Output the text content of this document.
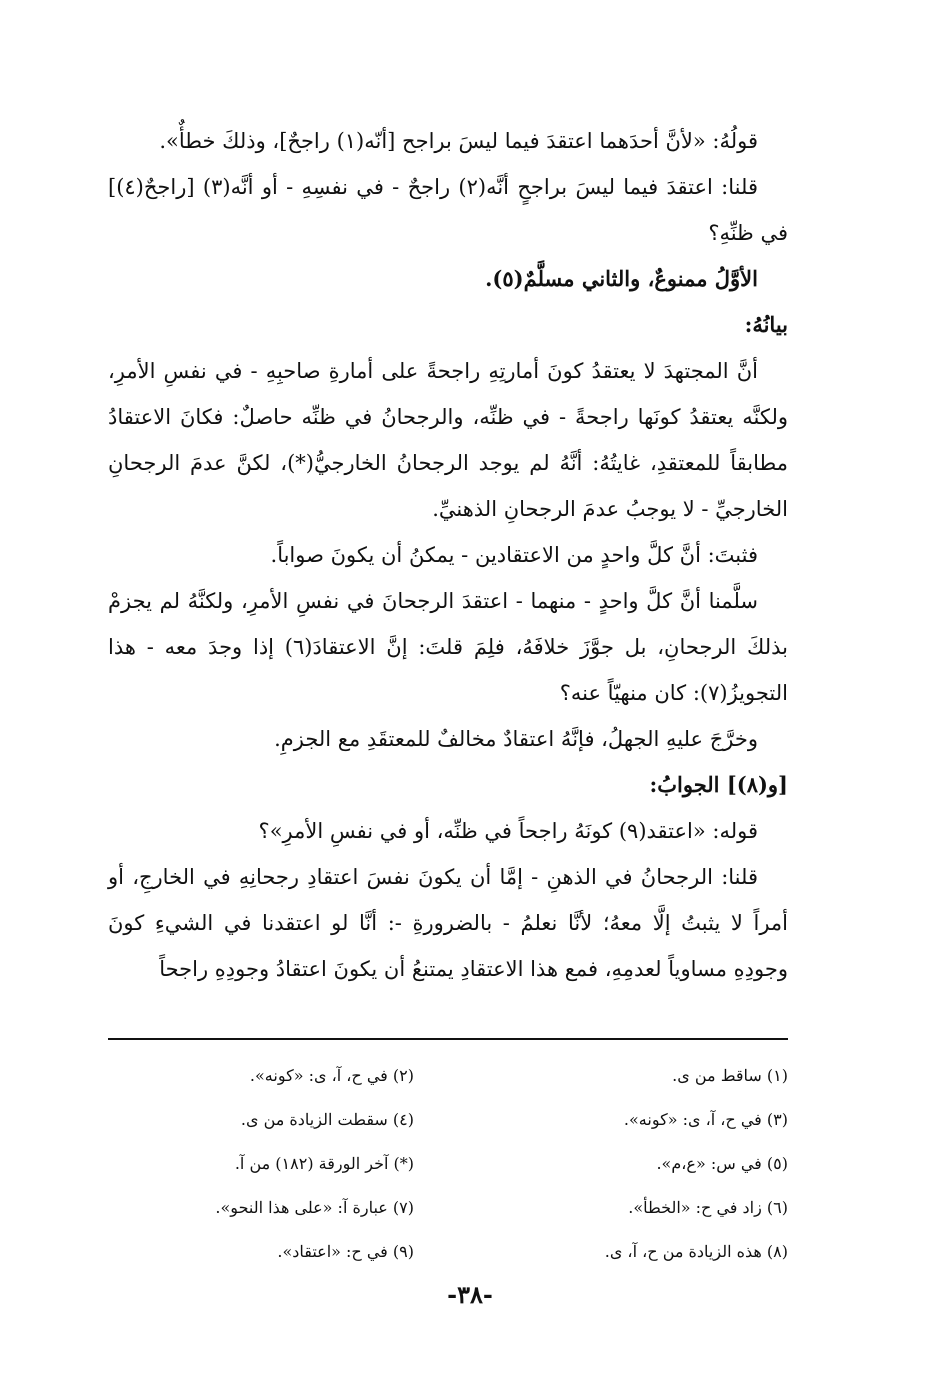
قولُهُ: «لأنَّ أحدَهما اعتقدَ فيما ليسَ براجح [أنّه(١) راجحٌ]، وذلكَ خطأٌ».

قلنا: اعتقدَ فيما ليسَ براجحٍ أنَّه(٢) راجحٌ - في نفسِهِ - أو أنَّه(٣) [راجحٌ(٤)] في ظنِّهِ؟

الأوَّلُ ممنوعٌ، والثاني مسلَّمٌ(٥).

بيانُهُ:

أنَّ المجتهدَ لا يعتقدُ كونَ أمارتِهِ راجحةً على أمارةِ صاحبِهِ - في نفسِ الأمرِ، ولكنَّه يعتقدُ كونَها راجحةً - في ظنِّه، والرجحانُ في ظنِّه حاصلٌ: فكانَ الاعتقادُ مطابقاً للمعتقدِ، غايتُهُ: أنَّهُ لم يوجد الرجحانُ الخارجيُّ(*)، لكنَّ عدمَ الرجحانِ الخارجيِّ - لا يوجبُ عدمَ الرجحانِ الذهنيِّ.

فثبتَ: أنَّ كلَّ واحدٍ من الاعتقادين - يمكنُ أن يكونَ صواباً.

سلَّمنا أنَّ كلَّ واحدٍ - منهما - اعتقدَ الرجحانَ في نفسِ الأمرِ، ولكنَّهُ لم يجزمْ بذلكَ الرجحانِ، بل جوَّزَ خلافَهُ، فلِمَ قلتَ: إنَّ الاعتقادَ(٦) إذا وجدَ معه - هذا التجويزُ(٧): كان منهيّاً عنه؟

وخرَّجَ عليهِ الجهلُ، فإنَّهُ اعتقادٌ مخالفٌ للمعتقَدِ مع الجزمِ.

[و(٨)] الجوابُ:

قوله: «اعتقد(٩) كونَهُ راجحاً في ظنِّه، أو في نفسِ الأمرِ»؟

قلنا: الرجحانُ في الذهنِ - إمَّا أن يكونَ نفسَ اعتقادِ رجحانِهِ في الخارجِ، أو أمراً لا يثبتُ إلَّا معهُ؛ لأنَّا نعلمُ - بالضرورةِ -: أنَّا لو اعتقدنا في الشيءِ كونَ وجودِهِ مساوياً لعدمِهِ، فمع هذا الاعتقادِ يمتنعُ أن يكونَ اعتقادُ وجودِهِ راجحاً

(١) ساقط من ى.
(٢) في ح، آ، ى: «كونه».
(٣) في ح، آ، ى: «كونه».
(٤) سقطت الزيادة من ى.
(٥) في س: «ع،م».
(*) آخر الورقة (١٨٢) من آ.
(٦) زاد في ح: «الخطأ».
(٧) عبارة آ: «على هذا النحو».
(٨) هذه الزيادة من ح، آ، ى.
(٩) في ح: «اعتقاد».
-٣٨-
